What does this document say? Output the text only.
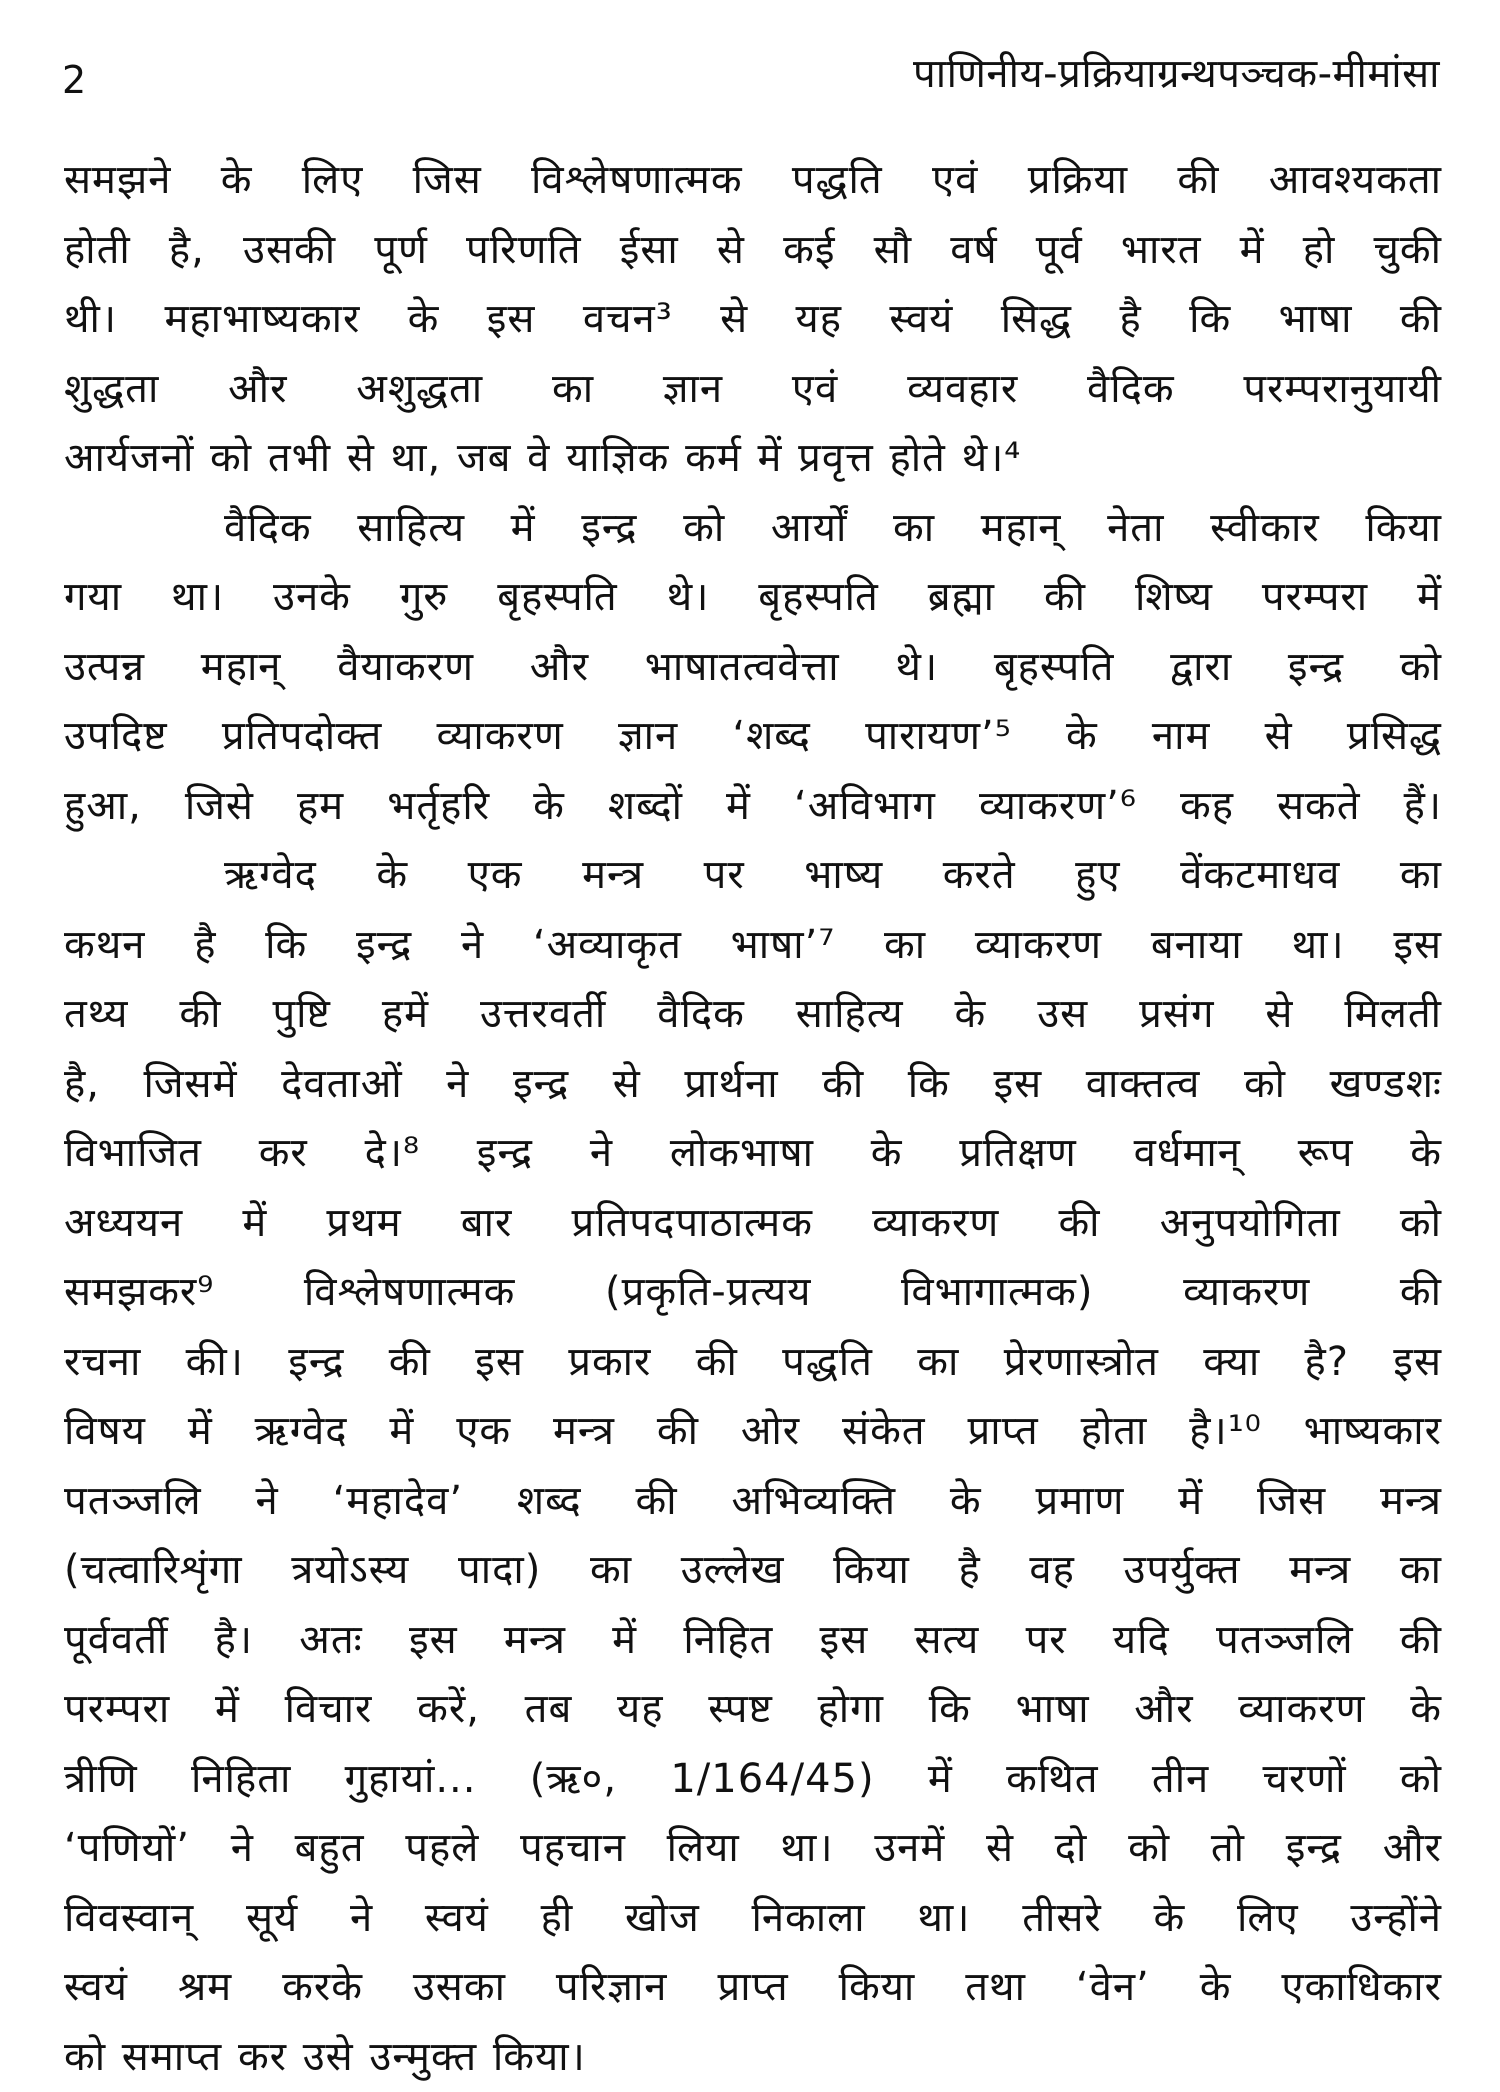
2	पाणिनीय-प्रक्रियाग्रन्थपञ्चक-मीमांसा

समझने के लिए जिस विश्लेषणात्मक पद्धति एवं प्रक्रिया की आवश्यकता
होती है, उसकी पूर्ण परिणति ईसा से कई सौ वर्ष पूर्व भारत में हो चुकी
थी। महाभाष्यकार के इस वचन³ से यह स्वयं सिद्ध है कि भाषा की
शुद्धता और अशुद्धता का ज्ञान एवं व्यवहार वैदिक परम्परानुयायी
आर्यजनों को तभी से था, जब वे याज्ञिक कर्म में प्रवृत्त होते थे।⁴

वैदिक साहित्य में इन्द्र को आर्यों का महान् नेता स्वीकार किया
गया था। उनके गुरु बृहस्पति थे। बृहस्पति ब्रह्मा की शिष्य परम्परा में
उत्पन्न महान् वैयाकरण और भाषातत्ववेत्ता थे। बृहस्पति द्वारा इन्द्र को
उपदिष्ट प्रतिपदोक्त व्याकरण ज्ञान ‘शब्द पारायण’⁵ के नाम से प्रसिद्ध
हुआ, जिसे हम भर्तृहरि के शब्दों में ‘अविभाग व्याकरण’⁶ कह सकते हैं।

ऋग्वेद के एक मन्त्र पर भाष्य करते हुए वेंकटमाधव का
कथन है कि इन्द्र ने ‘अव्याकृत भाषा’⁷ का व्याकरण बनाया था। इस
तथ्य की पुष्टि हमें उत्तरवर्ती वैदिक साहित्य के उस प्रसंग से मिलती
है, जिसमें देवताओं ने इन्द्र से प्रार्थना की कि इस वाक्तत्व को खण्डशः
विभाजित कर दे।⁸ इन्द्र ने लोकभाषा के प्रतिक्षण वर्धमान् रूप के
अध्ययन में प्रथम बार प्रतिपदपाठात्मक व्याकरण की अनुपयोगिता को
समझकर⁹ विश्लेषणात्मक (प्रकृति-प्रत्यय विभागात्मक) व्याकरण की
रचना की। इन्द्र की इस प्रकार की पद्धति का प्रेरणास्त्रोत क्या है? इस
विषय में ऋग्वेद में एक मन्त्र की ओर संकेत प्राप्त होता है।¹⁰ भाष्यकार
पतञ्जलि ने ‘महादेव’ शब्द की अभिव्यक्ति के प्रमाण में जिस मन्त्र
(चत्वारिशृंगा त्रयोऽस्य पादा) का उल्लेख किया है वह उपर्युक्त मन्त्र का
पूर्ववर्ती है। अतः इस मन्त्र में निहित इस सत्य पर यदि पतञ्जलि की
परम्परा में विचार करें, तब यह स्पष्ट होगा कि भाषा और व्याकरण के
त्रीणि निहिता गुहायां... (ऋ०, 1/164/45) में कथित तीन चरणों को
‘पणियों’ ने बहुत पहले पहचान लिया था। उनमें से दो को तो इन्द्र और
विवस्वान् सूर्य ने स्वयं ही खोज निकाला था। तीसरे के लिए उन्होंने
स्वयं श्रम करके उसका परिज्ञान प्राप्त किया तथा ‘वेन’ के एकाधिकार
को समाप्त कर उसे उन्मुक्त किया।
